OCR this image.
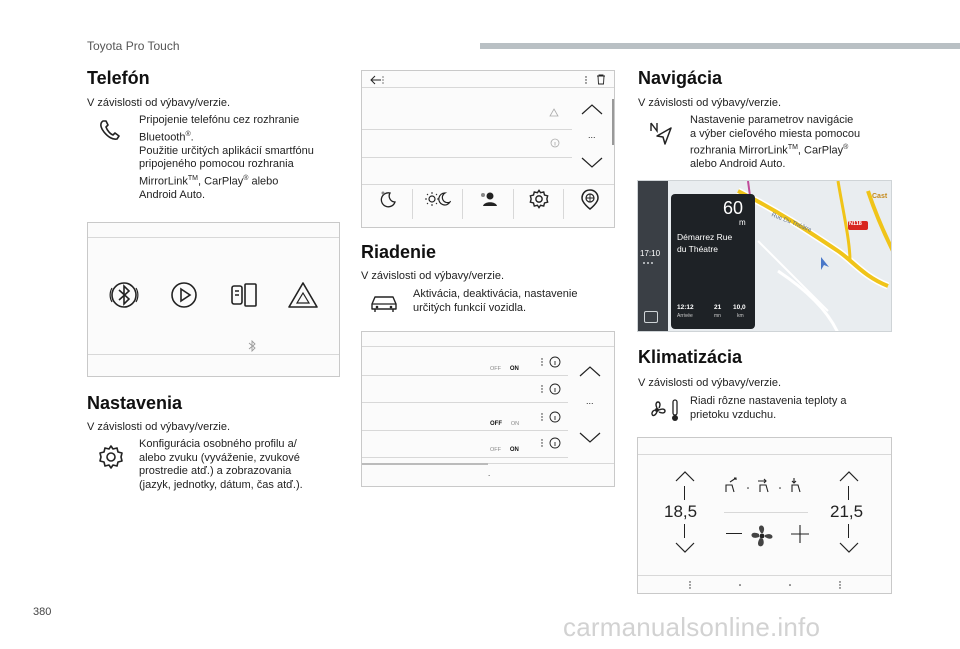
Toyota Pro Touch
Telefón
V závislosti od výbavy/verzie.
Pripojenie telefónu cez rozhranie
Bluetooth®.
Použitie určitých aplikácií smartfónu
pripojeného pomocou rozhrania
MirrorLink™, CarPlay® alebo
Android Auto.
Nastavenia
V závislosti od výbavy/verzie.
Konfigurácia osobného profilu a/
alebo zvuku (vyváženie, zvukové
prostredie atď.) a zobrazovania
(jazyk, jednotky, dátum, čas atď.).
...
Riadenie
V závislosti od výbavy/verzie.
Aktivácia, deaktivácia, nastavenie
určitých funkcií vozidla.
OFF ON
OFF ON
OFF ON
...
.
Navigácia
V závislosti od výbavy/verzie.
Nastavenie parametrov navigácie
a výber cieľového miesta pomocou
rozhrania MirrorLink™, CarPlay®
alebo Android Auto.
17:10
Rue Du Théâtre	N118
Cast
60
m
Démarrez Rue
du Théatre
12:12
Arrivée
21
mn
10,0
km
Klimatizácia
V závislosti od výbavy/verzie.
Riadi rôzne nastavenia teploty a
prietoku vzduchu.
18,5	21,5
380	carmanualsonline.info
